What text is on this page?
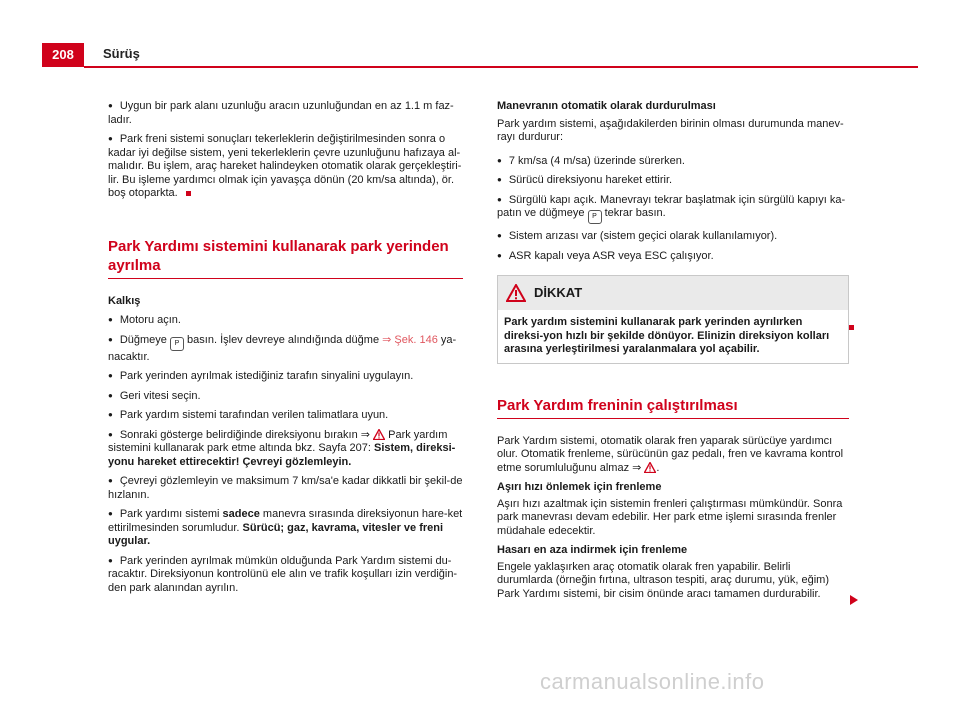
208	Sürüş

● Uygun bir park alanı uzunluğu aracın uzunluğundan en az 1.1 m faz-ladır.

● Park freni sistemi sonuçları tekerleklerin değiştirilmesinden sonra o kadar iyi değilse sistem, yeni tekerleklerin çevre uzunluğunu hafızaya al-malıdır. Bu işlem, araç hareket halindeyken otomatik olarak gerçekleştiri-lir. Bu işleme yardımcı olmak için yavaşça dönün (20 km/sa altında), ör. boş otoparkta.

Park Yardımı sistemini kullanarak park yerinden ayrılma

Kalkış

● Motoru açın.

● Düğmeye P basın. İşlev devreye alındığında düğme ⇒ Şek. 146 ya-nacaktır.

● Park yerinden ayrılmak istediğiniz tarafın sinyalini uygulayın.

● Geri vitesi seçin.

● Park yardım sistemi tarafından verilen talimatlara uyun.

● Sonraki gösterge belirdiğinde direksiyonu bırakın ⇒ Park yardım sistemini kullanarak park etme altında bkz. Sayfa 207: Sistem, direksi-yonu hareket ettirecektir! Çevreyi gözlemleyin.

● Çevreyi gözlemleyin ve maksimum 7 km/sa'e kadar dikkatli bir şekil-de hızlanın.

● Park yardımı sistemi sadece manevra sırasında direksiyonun hare-ket ettirilmesinden sorumludur. Sürücü; gaz, kavrama, vitesler ve freni uygular.

● Park yerinden ayrılmak mümkün olduğunda Park Yardım sistemi du-racaktır. Direksiyonun kontrolünü ele alın ve trafik koşulları izin verdiğin-den park alanından ayrılın.

Manevranın otomatik olarak durdurulması

Park yardım sistemi, aşağıdakilerden birinin olması durumunda manev-rayı durdurur:

● 7 km/sa (4 m/sa) üzerinde sürerken.

● Sürücü direksiyonu hareket ettirir.

● Sürgülü kapı açık. Manevrayı tekrar başlatmak için sürgülü kapıyı ka-patın ve düğmeye P tekrar basın.

● Sistem arızası var (sistem geçici olarak kullanılamıyor).

● ASR kapalı veya ASR veya ESC çalışıyor.

DİKKAT
Park yardım sistemini kullanarak park yerinden ayrılırken direksi-yon hızlı bir şekilde dönüyor. Elinizin direksiyon kolları arasına yerleştirilmesi yaralanmalara yol açabilir.
Park Yardım freninin çalıştırılması

Park Yardım sistemi, otomatik olarak fren yaparak sürücüye yardımcı olur. Otomatik frenleme, sürücünün gaz pedalı, fren ve kavrama kontrol etme sorumluluğunu almaz ⇒ .

Aşırı hızı önlemek için frenleme

Aşırı hızı azaltmak için sistemin frenleri çalıştırması mümkündür. Sonra park manevrası devam edebilir. Her park etme işlemi sırasında frenler müdahale edecektir.

Hasarı en aza indirmek için frenleme

Engele yaklaşırken araç otomatik olarak fren yapabilir. Belirli durumlarda (örneğin fırtına, ultrason tespiti, araç durumu, yük, eğim) Park Yardımı sistemi, bir cisim önünde aracı tamamen durdurabilir.

carmanualsonline.info
